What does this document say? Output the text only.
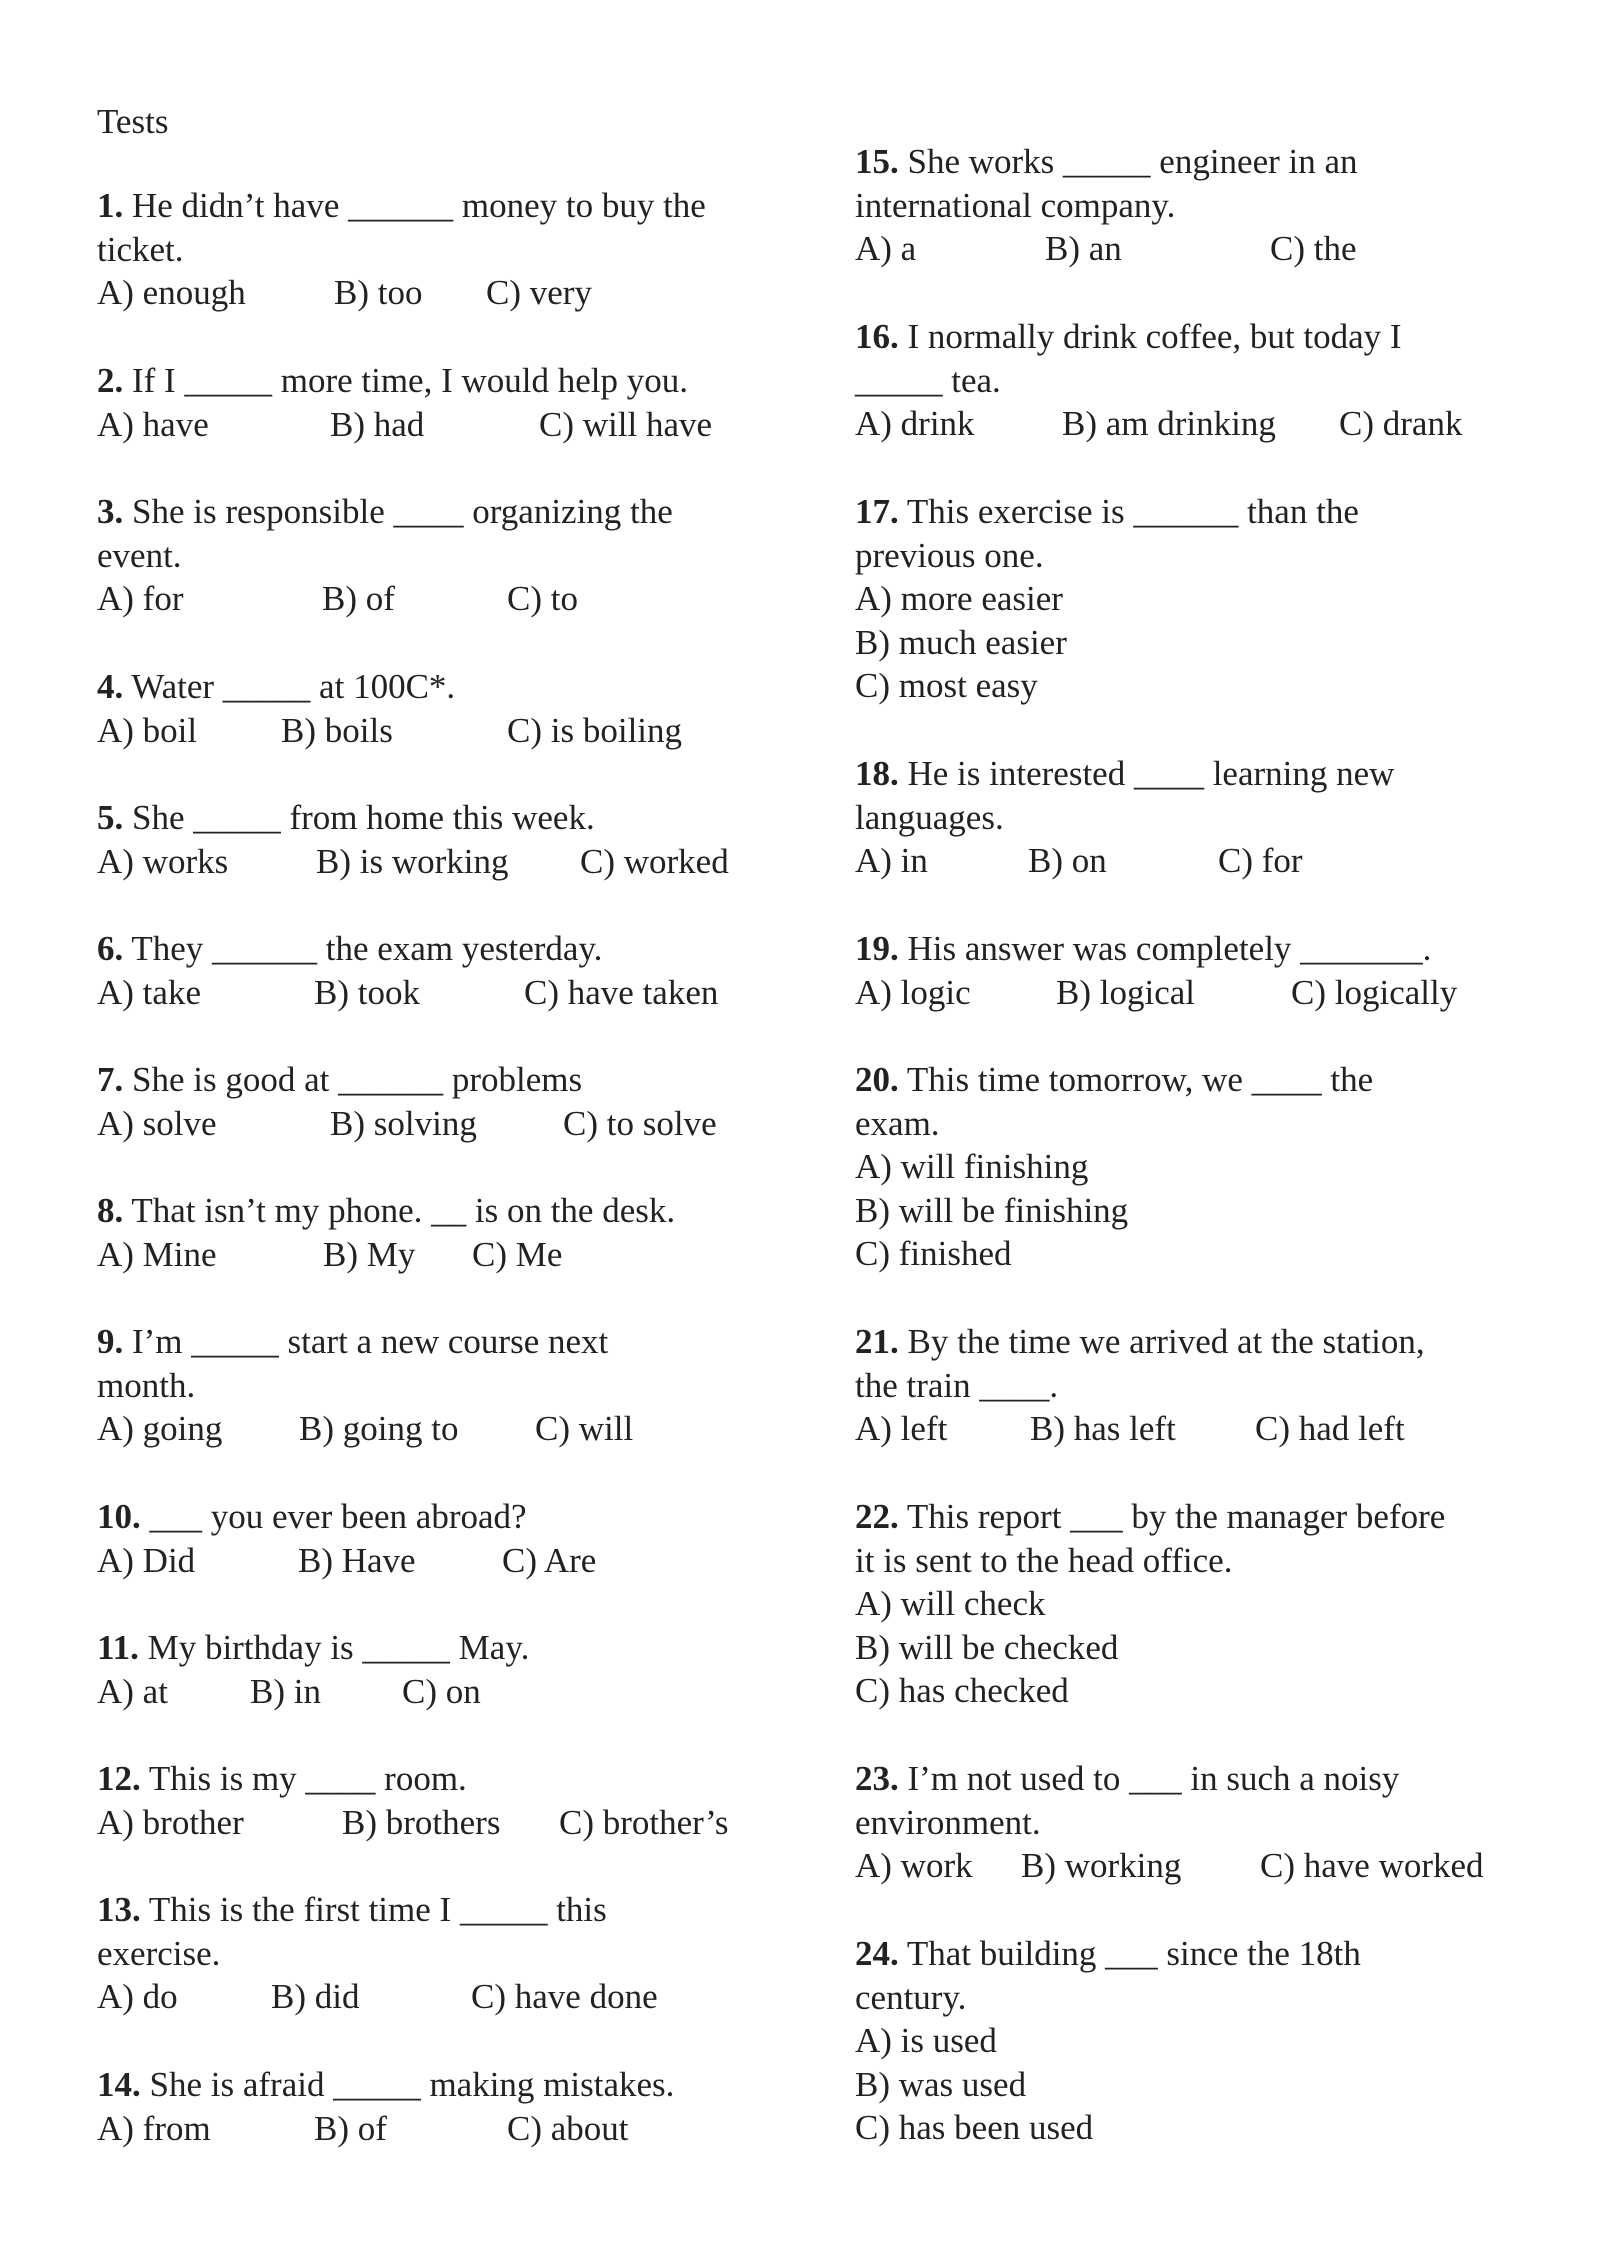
Tests
1. He didn’t have ______ money to buy the
ticket.
A) enough	B) too C) very
2. If I _____ more time, I would help you.
A) have	B) had	C) will have
3. She is responsible ____ organizing the
event.
A) for	B) of	C) to
4. Water _____ at 100C*.
A) boil B) boils	C) is boiling
5. She _____ from home this week.
A) works	B) is working C) worked
6. They ______ the exam yesterday.
A) take	B) took	C) have taken
7. She is good at ______ problems
A) solve	B) solving C) to solve
8. That isn’t my phone. __ is on the desk.
A) Mine	B) My C) Me
9. I’m _____ start a new course next
month.
A) going B) going to C) will
10. ___ you ever been abroad?
A) Did	B) Have C) Are
11. My birthday is _____ May.
A) at B) in C) on
12. This is my ____ room.
A) brother	B) brothers C) brother’s
13. This is the first time I _____ this
exercise.
A) do	B) did	C) have done
14. She is afraid _____ making mistakes.
A) from	B) of	C) about
15. She works _____ engineer in an
international company.
A) a	B) an	C) the
16. I normally drink coffee, but today I
_____ tea.
A) drink B) am drinking C) drank
17. This exercise is ______ than the
previous one.
A) more easier
B) much easier
C) most easy
18. He is interested ____ learning new
languages.
A) in	B) on	C) for
19. His answer was completely _______.
A) logic B) logical	C) logically
20. This time tomorrow, we ____ the
exam.
A) will finishing
B) will be finishing
C) finished
21. By the time we arrived at the station,
the train ____.
A) left B) has left C) had left
22. This report ___ by the manager before
it is sent to the head office.
A) will check
B) will be checked
C) has checked
23. I’m not used to ___ in such a noisy
environment.
A) work B) working C) have worked
24. That building ___ since the 18th
century.
A) is used
B) was used
C) has been used
